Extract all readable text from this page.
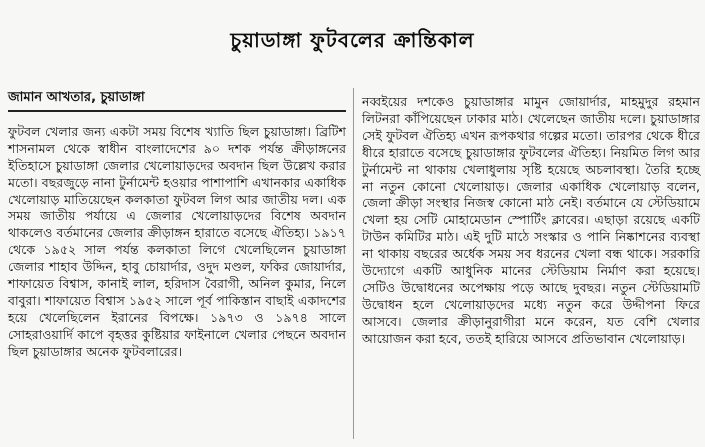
চুয়াডাঙ্গা ফুটবলের ক্রান্তিকাল
জামান আখতার, চুয়াডাঙ্গা

ফুটবল খেলার জন্য একটা সময় বিশেষ খ্যাতি ছিল চুয়াডাঙ্গা। ব্রিটিশ শাসনামল থেকে স্বাধীন বাংলাদেশের ৯০ দশক পর্যন্ত ক্রীড়াঙ্গনের ইতিহাসে চুয়াডাঙ্গা জেলার খেলোয়াড়দের অবদান ছিল উল্লেখ করার মতো। বছরজুড়ে নানা টুর্নামেন্ট হওয়ার পাশাপাশি এখানকার একাধিক খেলোয়াড় মাতিয়েছেন কলকাতা ফুটবল লিগ আর জাতীয় দল। এক সময় জাতীয় পর্যায়ে এ জেলার খেলোয়াড়দের বিশেষ অবদান থাকলেও বর্তমানের জেলার ক্রীড়াঙ্গন হারাতে বসেছে ঐতিহ্য। ১৯১৭ থেকে ১৯৫২ সাল পর্যন্ত কলকাতা লিগে খেলেছিলেন চুয়াডাঙ্গা জেলার শাহাব উদ্দিন, হাবু চোয়ার্দার, ওদুদ মণ্ডল, ফকির জোয়ার্দার, শাফায়েত বিশ্বাস, কানাই লাল, হরিদাস বৈরাগী, অনিল কুমার, নিলে বাবুরা। শাফায়েত বিশ্বাস ১৯৫২ সালে পূর্ব পাকিস্তান বাছাই একাদশের হয়ে খেলেছিলেন ইরানের বিপক্ষে। ১৯৭৩ ও ১৯৭৪ সালে সোহরাওয়ার্দি কাপে বৃহত্তর কুষ্টিয়ার ফাইনালে খেলার পেছনে অবদান ছিল চুয়াডাঙ্গার অনেক ফুটবলারের।

নব্বইয়ের দশকেও চুয়াডাঙ্গার মামুন জোয়ার্দার, মাহমুদুর রহমান লিটনরা কাঁপিয়েছেন ঢাকার মাঠ। খেলেছেন জাতীয় দলে। চুয়াডাঙ্গার সেই ফুটবল ঐতিহ্য এখন রূপকথার গল্পের মতো। তারপর থেকে ধীরে ধীরে হারাতে বসেছে চুয়াডাঙ্গার ফুটবলের ঐতিহ্য। নিয়মিত লিগ আর টুর্নামেন্ট না থাকায় খেলাধুলায় সৃষ্টি হয়েছে অচলাবস্থা। তৈরি হচ্ছে না নতুন কোনো খেলোয়াড়। জেলার একাধিক খেলোয়াড় বলেন, জেলা ক্রীড়া সংস্থার নিজস্ব কোনো মাঠ নেই। বর্তমানে যে স্টেডিয়ামে খেলা হয় সেটি মোহামেডান স্পোর্টিং ক্লাবের। এছাড়া রয়েছে একটি টাউন কমিটির মাঠ। এই দুটি মাঠে সংস্কার ও পানি নিষ্কাশনের ব্যবস্থা না থাকায় বছরের অর্ধেক সময় সব ধরনের খেলা বন্ধ থাকে। সরকারি উদ্যোগে একটি আধুনিক মানের স্টেডিয়াম নির্মাণ করা হয়েছে। সেটিও উদ্বোধনের অপেক্ষায় পড়ে আছে দুবছর। নতুন স্টেডিয়ামটি উদ্বোধন হলে খেলোয়াড়দের মধ্যে নতুন করে উদ্দীপনা ফিরে আসবে। জেলার ক্রীড়ানুরাগীরা মনে করেন, যত বেশি খেলার আয়োজন করা হবে, ততই হারিয়ে আসবে প্রতিভাবান খেলোয়াড়।
